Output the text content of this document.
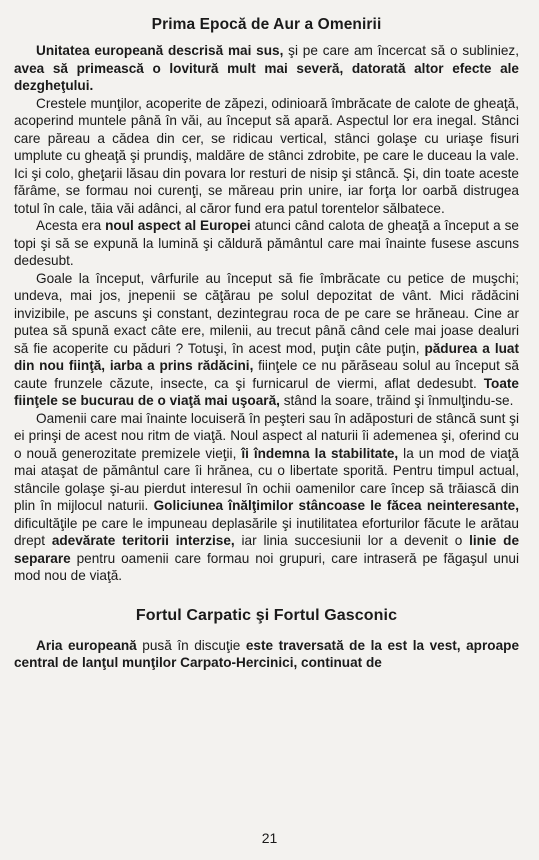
Prima Epocă de Aur a Omenirii

Unitatea europeană descrisă mai sus, şi pe care am încercat să o subliniez, avea să primească o lovitură mult mai severă, datorată altor efecte ale dezgheţului.

Crestele munţilor, acoperite de zăpezi, odinioară îmbrăcate de calote de gheaţă, acoperind muntele până în văi, au început să apară. Aspectul lor era inegal. Stânci care păreau a cădea din cer, se ridicau vertical, stânci golaşe cu uriaşe fisuri umplute cu gheaţă şi prundiş, maldăre de stânci zdrobite, pe care le duceau la vale. Ici şi colo, gheţarii lăsau din povara lor resturi de nisip şi stâncă. Şi, din toate aceste fărâme, se formau noi curenţi, se măreau prin unire, iar forţa lor oarbă distrugea totul în cale, tăia văi adânci, al căror fund era patul torentelor sălbatece.

Acesta era noul aspect al Europei atunci când calota de gheaţă a început a se topi şi să se expună la lumină şi căldură pământul care mai înainte fusese ascuns dedesubt.

Goale la început, vârfurile au început să fie îmbrăcate cu petice de muşchi; undeva, mai jos, jnepenii se căţărau pe solul depozitat de vânt. Mici rădăcini invizibile, pe ascuns şi constant, dezintegrau roca de pe care se hrăneau. Cine ar putea să spună exact câte ere, milenii, au trecut până când cele mai joase dealuri să fie acoperite cu păduri ? Totuşi, în acest mod, puţin câte puţin, pădurea a luat din nou fiinţă, iarba a prins rădăcini, fiinţele ce nu părăseau solul au început să caute frunzele căzute, insecte, ca şi furnicarul de viermi, aflat dedesubt. Toate fiinţele se bucurau de o viaţă mai uşoară, stând la soare, trăind şi înmulţindu-se.

Oamenii care mai înainte locuiseră în peşteri sau în adăposturi de stâncă sunt şi ei prinşi de acest nou ritm de viaţă. Noul aspect al naturii îi ademenea şi, oferind cu o nouă generozitate premizele vieţii, îi îndemna la stabilitate, la un mod de viaţă mai ataşat de pământul care îi hrănea, cu o libertate sporită. Pentru timpul actual, stâncile golaşe şi-au pierdut interesul în ochii oamenilor care încep să trăiască din plin în mijlocul naturii. Goliciunea înălţimilor stâncoase le făcea neinteresante, dificultăţile pe care le impuneau deplasările şi inutilitatea eforturilor făcute le arătau drept adevărate teritorii interzise, iar linia succesiunii lor a devenit o linie de separare pentru oamenii care formau noi grupuri, care intraseră pe făgaşul unui mod nou de viaţă.

Fortul Carpatic şi Fortul Gasconic

Aria europeană pusă în discuţie este traversată de la est la vest, aproape central de lanţul munţilor Carpato-Hercinici, continuat de

21
